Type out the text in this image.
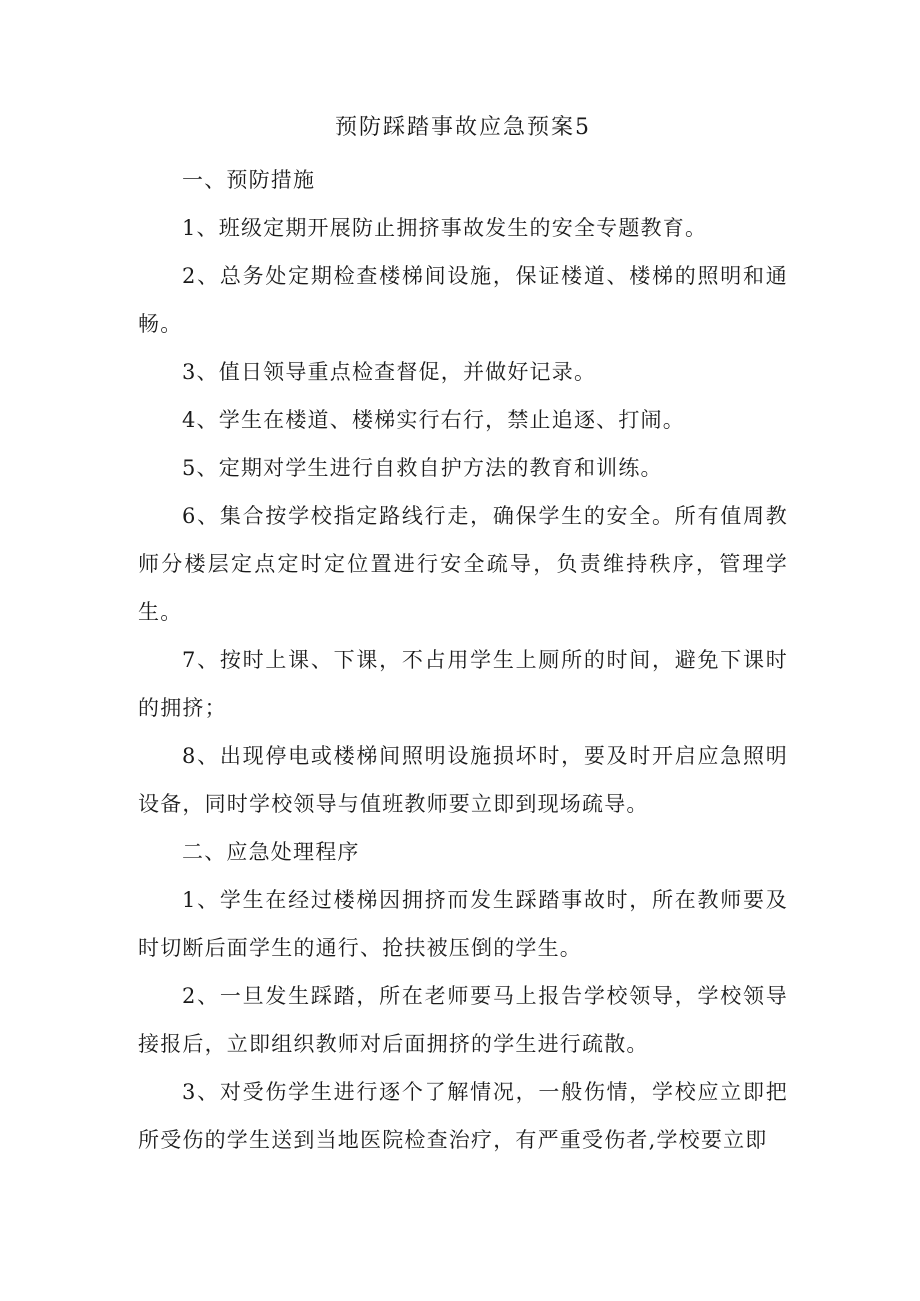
预防踩踏事故应急预案5

一、预防措施

1、班级定期开展防止拥挤事故发生的安全专题教育。

2、总务处定期检查楼梯间设施，保证楼道、楼梯的照明和通畅。

3、值日领导重点检查督促，并做好记录。

4、学生在楼道、楼梯实行右行，禁止追逐、打闹。

5、定期对学生进行自救自护方法的教育和训练。

6、集合按学校指定路线行走，确保学生的安全。所有值周教师分楼层定点定时定位置进行安全疏导，负责维持秩序，管理学生。

7、按时上课、下课，不占用学生上厕所的时间，避免下课时的拥挤；

8、出现停电或楼梯间照明设施损坏时，要及时开启应急照明设备，同时学校领导与值班教师要立即到现场疏导。

二、应急处理程序

1、学生在经过楼梯因拥挤而发生踩踏事故时，所在教师要及时切断后面学生的通行、抢扶被压倒的学生。

2、一旦发生踩踏，所在老师要马上报告学校领导，学校领导接报后，立即组织教师对后面拥挤的学生进行疏散。

3、对受伤学生进行逐个了解情况，一般伤情，学校应立即把所受伤的学生送到当地医院检查治疗，有严重受伤者,学校要立即
